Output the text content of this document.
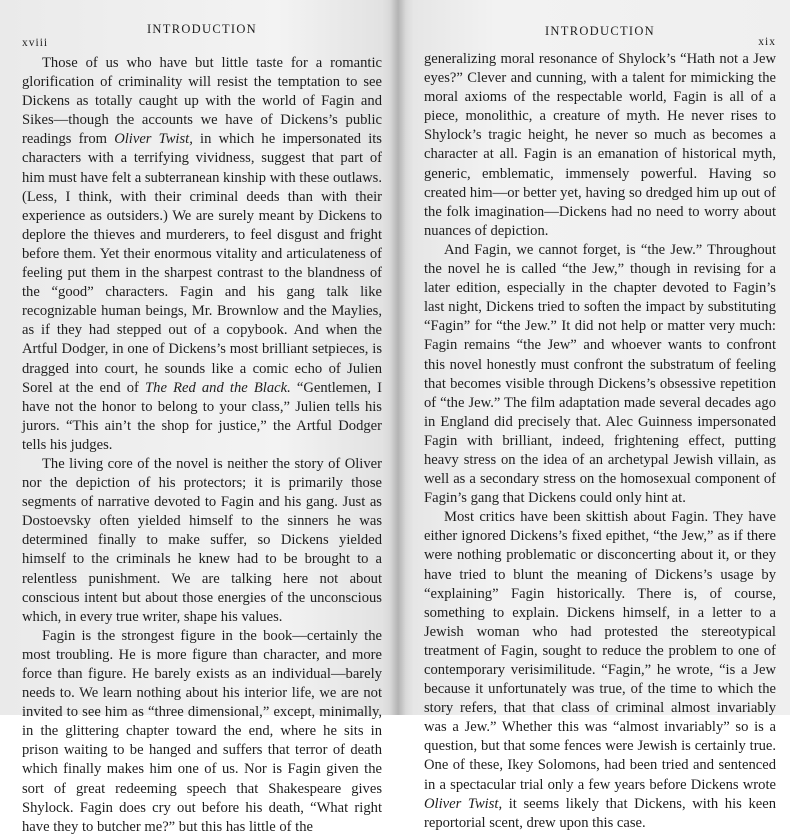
xviii
INTRODUCTION

Those of us who have but little taste for a romantic glorification of criminality will resist the temptation to see Dickens as totally caught up with the world of Fagin and Sikes—though the accounts we have of Dickens’s public readings from Oliver Twist, in which he impersonated its characters with a terrifying vividness, suggest that part of him must have felt a subterranean kinship with these outlaws. (Less, I think, with their criminal deeds than with their experience as outsiders.) We are surely meant by Dickens to deplore the thieves and murderers, to feel disgust and fright before them. Yet their enormous vitality and articulateness of feeling put them in the sharpest contrast to the blandness of the “good” characters. Fagin and his gang talk like recognizable human beings, Mr. Brownlow and the Maylies, as if they had stepped out of a copybook. And when the Artful Dodger, in one of Dickens’s most brilliant setpieces, is dragged into court, he sounds like a comic echo of Julien Sorel at the end of The Red and the Black. “Gentlemen, I have not the honor to belong to your class,” Julien tells his jurors. “This ain’t the shop for justice,” the Artful Dodger tells his judges.

The living core of the novel is neither the story of Oliver nor the depiction of his protectors; it is primarily those segments of narrative devoted to Fagin and his gang. Just as Dostoevsky often yielded himself to the sinners he was determined finally to make suffer, so Dickens yielded himself to the criminals he knew had to be brought to a relentless punishment. We are talking here not about conscious intent but about those energies of the unconscious which, in every true writer, shape his values.

Fagin is the strongest figure in the book—certainly the most troubling. He is more figure than character, and more force than figure. He barely exists as an individual—barely needs to. We learn nothing about his interior life, we are not invited to see him as “three dimensional,” except, minimally, in the glittering chapter toward the end, where he sits in prison waiting to be hanged and suffers that terror of death which finally makes him one of us. Nor is Fagin given the sort of great redeeming speech that Shakespeare gives Shylock. Fagin does cry out before his death, “What right have they to butcher me?” but this has little of the

INTRODUCTION
xix

generalizing moral resonance of Shylock’s “Hath not a Jew eyes?” Clever and cunning, with a talent for mimicking the moral axioms of the respectable world, Fagin is all of a piece, monolithic, a creature of myth. He never rises to Shylock’s tragic height, he never so much as becomes a character at all. Fagin is an emanation of historical myth, generic, emblematic, immensely powerful. Having so created him—or better yet, having so dredged him up out of the folk imagination—Dickens had no need to worry about nuances of depiction.

And Fagin, we cannot forget, is “the Jew.” Throughout the novel he is called “the Jew,” though in revising for a later edition, especially in the chapter devoted to Fagin’s last night, Dickens tried to soften the impact by substituting “Fagin” for “the Jew.” It did not help or matter very much: Fagin remains “the Jew” and whoever wants to confront this novel honestly must confront the substratum of feeling that becomes visible through Dickens’s obsessive repetition of “the Jew.” The film adaptation made several decades ago in England did precisely that. Alec Guinness impersonated Fagin with brilliant, indeed, frightening effect, putting heavy stress on the idea of an archetypal Jewish villain, as well as a secondary stress on the homosexual component of Fagin’s gang that Dickens could only hint at.

Most critics have been skittish about Fagin. They have either ignored Dickens’s fixed epithet, “the Jew,” as if there were nothing problematic or disconcerting about it, or they have tried to blunt the meaning of Dickens’s usage by “explaining” Fagin historically. There is, of course, something to explain. Dickens himself, in a letter to a Jewish woman who had protested the stereotypical treatment of Fagin, sought to reduce the problem to one of contemporary verisimilitude. “Fagin,” he wrote, “is a Jew because it unfortunately was true, of the time to which the story refers, that that class of criminal almost invariably was a Jew.” Whether this was “almost invariably” so is a question, but that some fences were Jewish is certainly true. One of these, Ikey Solomons, had been tried and sentenced in a spectacular trial only a few years before Dickens wrote Oliver Twist, it seems likely that Dickens, with his keen reportorial scent, drew upon this case.
